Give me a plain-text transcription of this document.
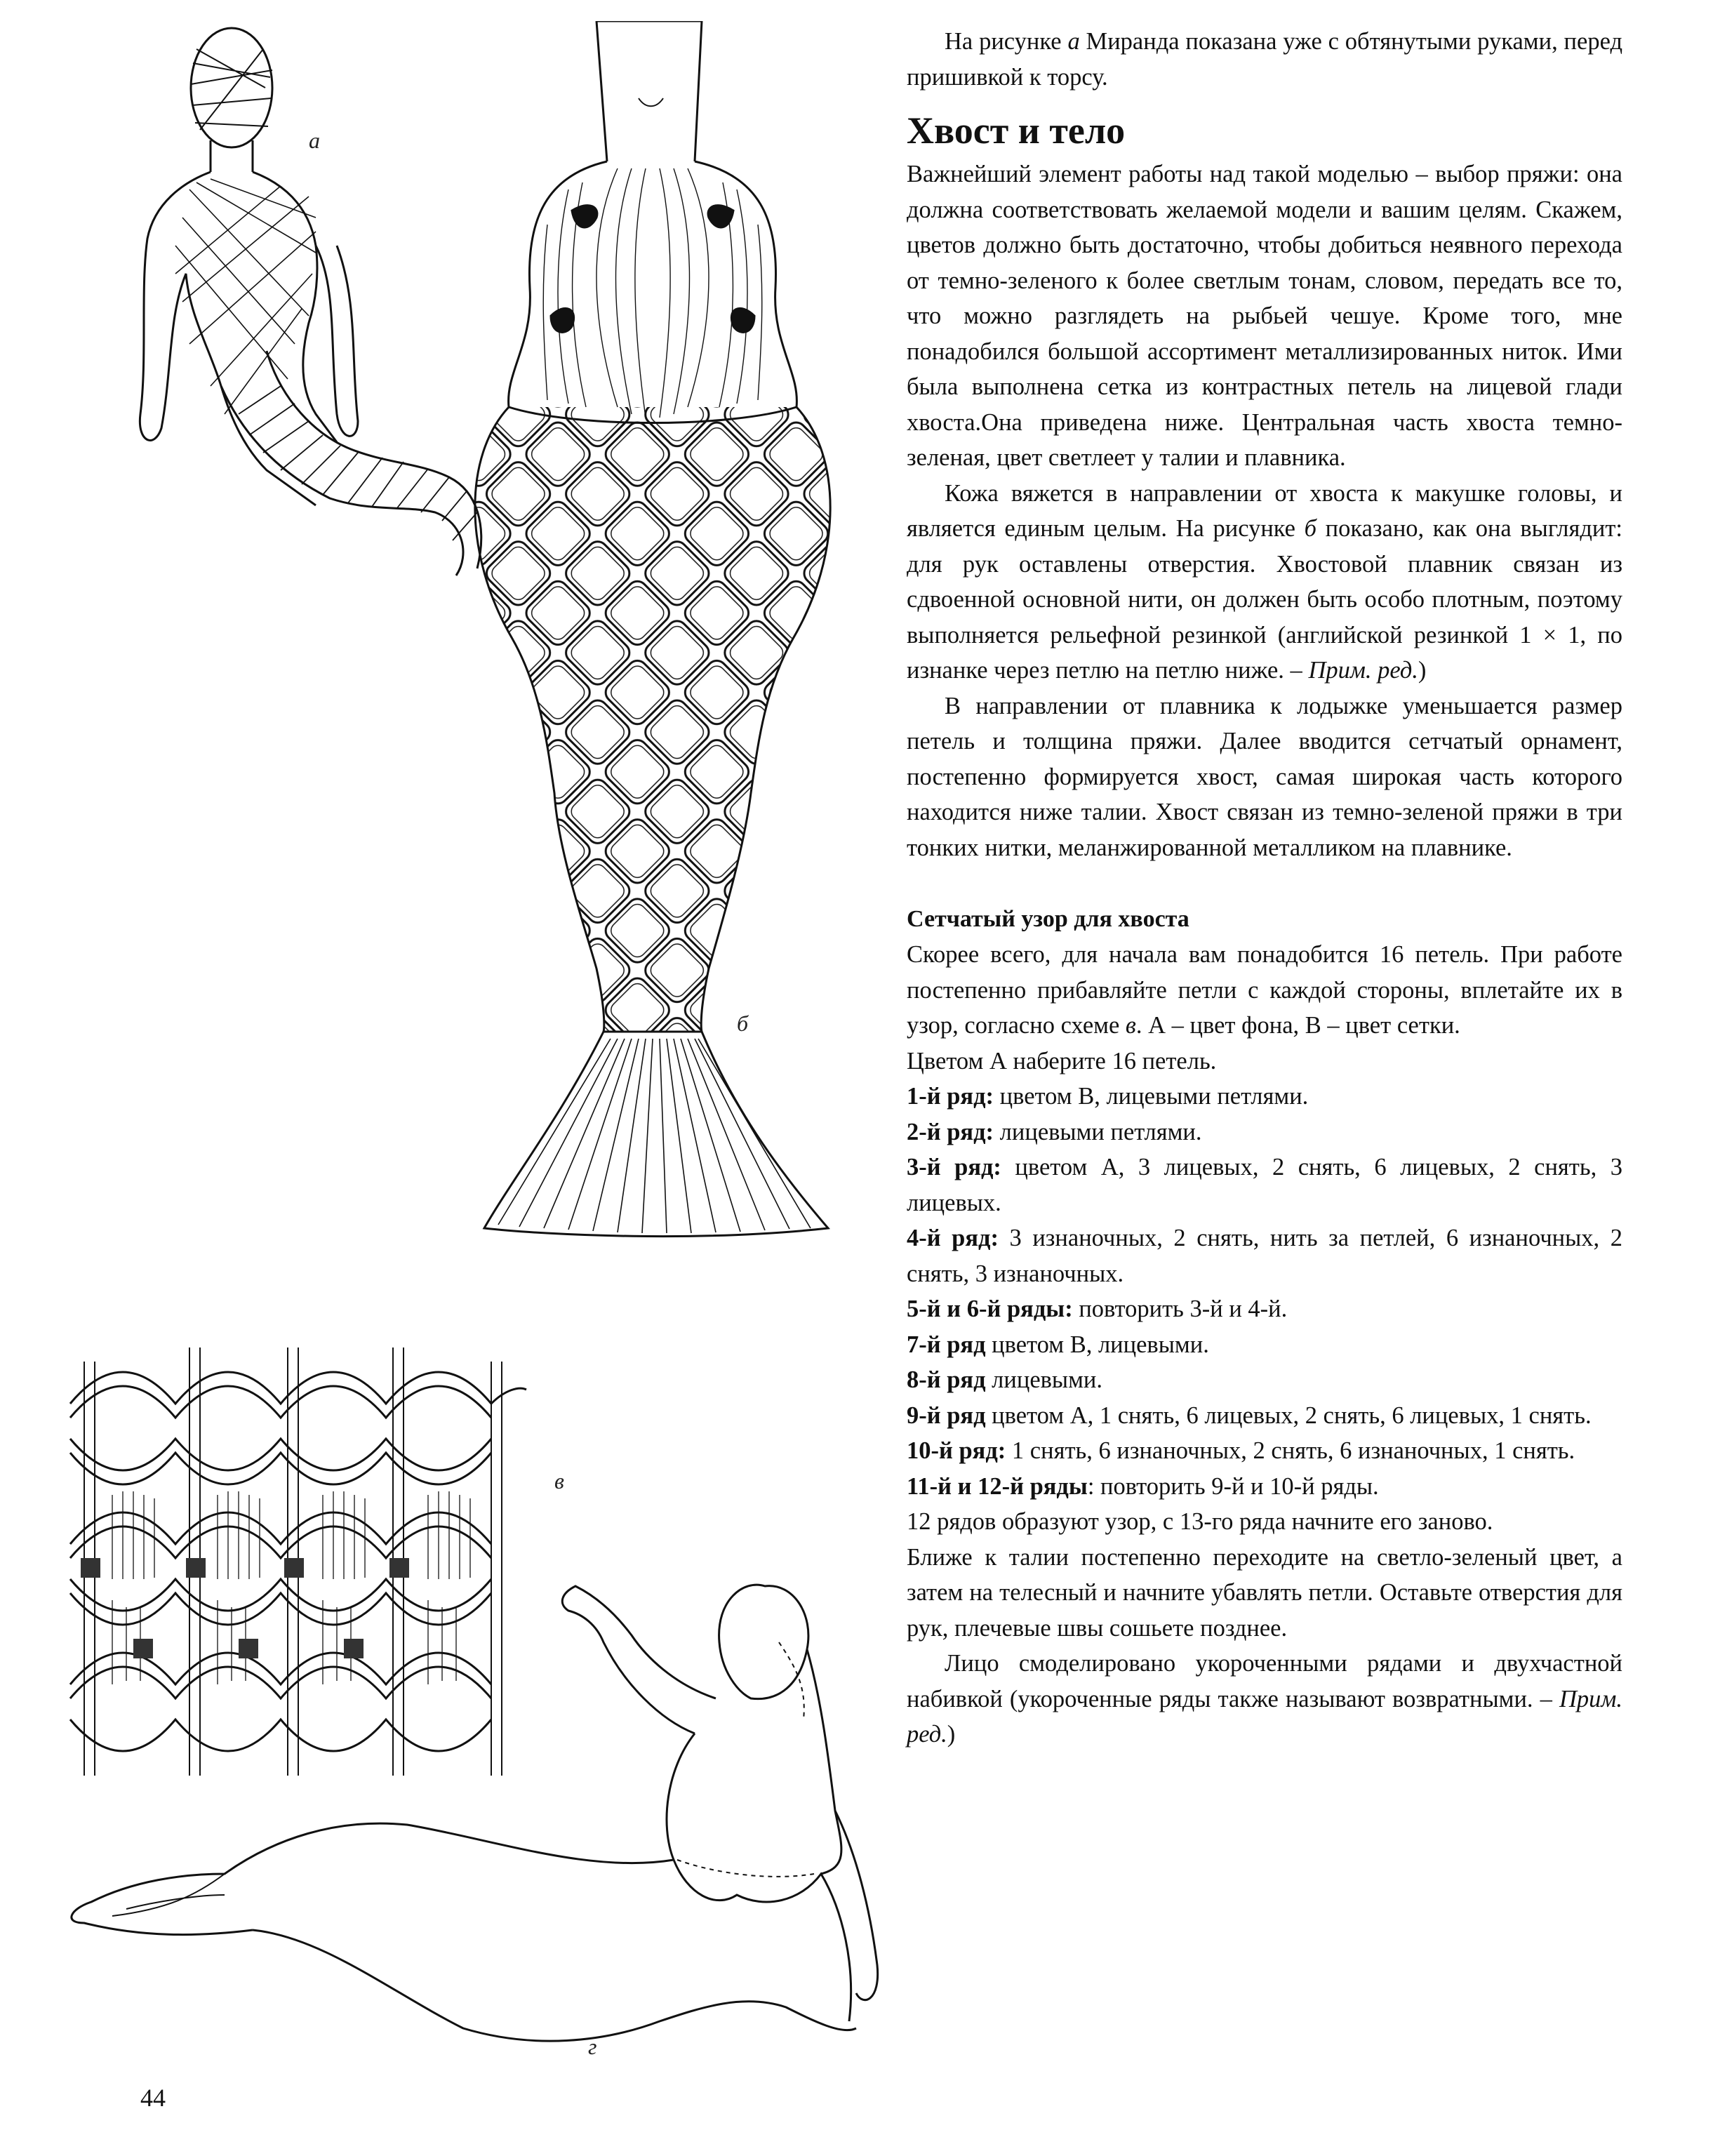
а
б
в
г

На рисунке а Миранда показана уже с обтянутыми руками, перед пришивкой к торсу.

Хвост и тело

Важнейший элемент работы над такой моделью – выбор пряжи: она должна соответствовать желаемой модели и вашим целям. Скажем, цветов должно быть достаточно, чтобы добиться неявного перехода от темно-зеленого к более светлым тонам, словом, передать все то, что можно разглядеть на рыбьей чешуе. Кроме того, мне понадобился большой ассортимент металлизированных ниток. Ими была выполнена сетка из контрастных петель на лицевой глади хвоста.Она приведена ниже. Центральная часть хвоста темно-зеленая, цвет светлеет у талии и плавника.

Кожа вяжется в направлении от хвоста к макушке головы, и является единым целым. На рисунке б показано, как она выглядит: для рук оставлены отверстия. Хвостовой плавник связан из сдвоенной основной нити, он должен быть особо плотным, поэтому выполняется рельефной резинкой (английской резинкой 1 × 1, по изнанке через петлю на петлю ниже. – Прим. ред.)

В направлении от плавника к лодыжке уменьшается размер петель и толщина пряжи. Далее вводится сетчатый орнамент, постепенно формируется хвост, самая широкая часть которого находится ниже талии. Хвост связан из темно-зеленой пряжи в три тонких нитки, меланжированной металликом на плавнике.

Сетчатый узор для хвоста

Скорее всего, для начала вам понадобится 16 петель. При работе постепенно прибавляйте петли с каждой стороны, вплетайте их в узор, согласно схеме в. А – цвет фона, В – цвет сетки.

Цветом А наберите 16 петель.

1-й ряд: цветом В, лицевыми петлями.
2-й ряд: лицевыми петлями.
3-й ряд: цветом А, 3 лицевых, 2 снять, 6 лицевых, 2 снять, 3 лицевых.
4-й ряд: 3 изнаночных, 2 снять, нить за петлей, 6 изнаночных, 2 снять, 3 изнаночных.
5-й и 6-й ряды: повторить 3-й и 4-й.
7-й ряд цветом В, лицевыми.
8-й ряд лицевыми.
9-й ряд цветом А, 1 снять, 6 лицевых, 2 снять, 6 лицевых, 1 снять.
10-й ряд: 1 снять, 6 изнаночных, 2 снять, 6 изнаночных, 1 снять.
11-й и 12-й ряды: повторить 9-й и 10-й ряды.

12 рядов образуют узор, с 13-го ряда начните его заново.

Ближе к талии постепенно переходите на светло-зеленый цвет, а затем на телесный и начните убавлять петли. Оставьте отверстия для рук, плечевые швы сошьете позднее.

Лицо смоделировано укороченными рядами и двухчастной набивкой (укороченные ряды также называют возвратными. – Прим. ред.)

44
